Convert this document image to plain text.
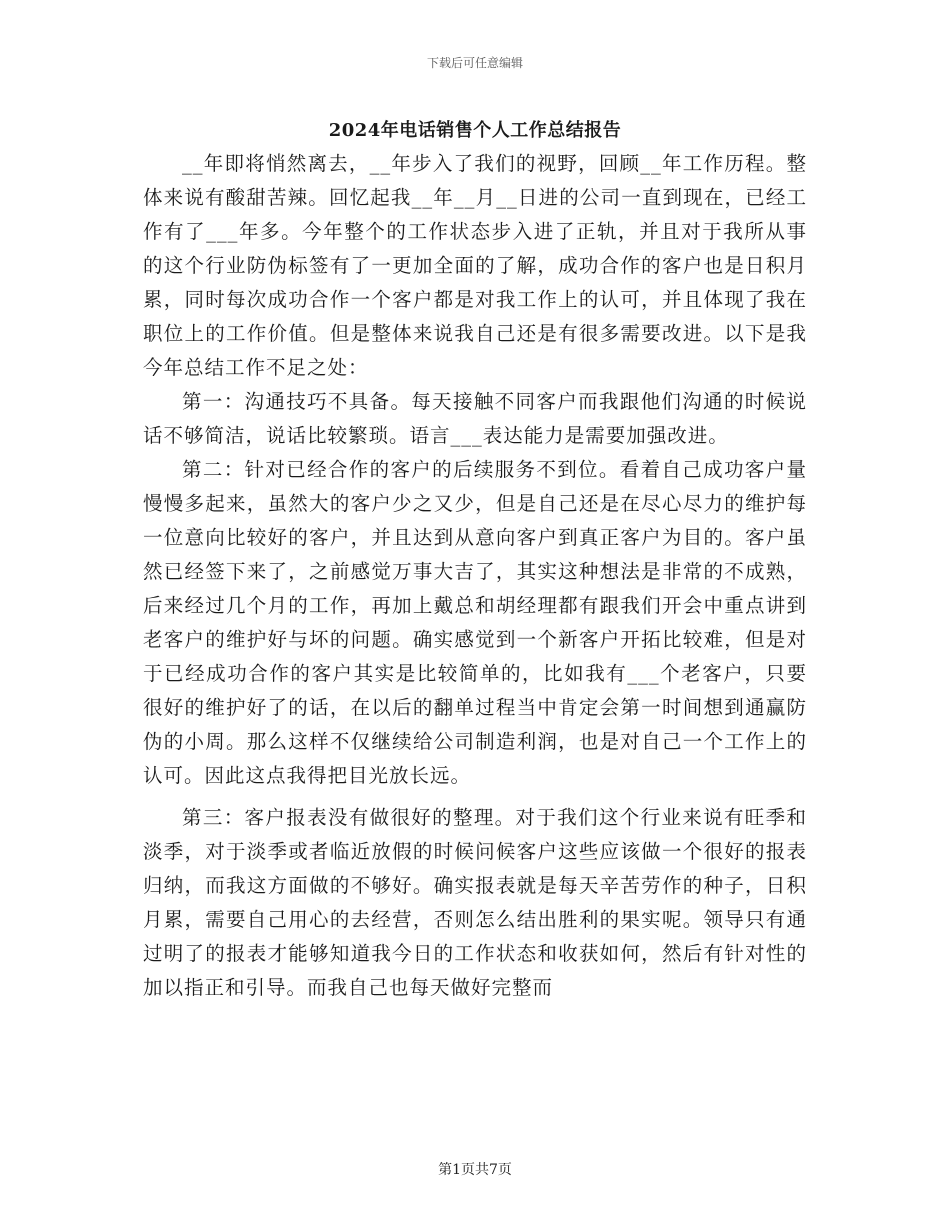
下载后可任意编辑
2024年电话销售个人工作总结报告

__年即将悄然离去，__年步入了我们的视野，回顾__年工作历程。整体来说有酸甜苦辣。回忆起我__年__月__日进的公司一直到现在，已经工作有了___年多。今年整个的工作状态步入进了正轨，并且对于我所从事的这个行业防伪标签有了一更加全面的了解，成功合作的客户也是日积月累，同时每次成功合作一个客户都是对我工作上的认可，并且体现了我在职位上的工作价值。但是整体来说我自己还是有很多需要改进。以下是我今年总结工作不足之处：

第一：沟通技巧不具备。每天接触不同客户而我跟他们沟通的时候说话不够简洁，说话比较繁琐。语言___表达能力是需要加强改进。

第二：针对已经合作的客户的后续服务不到位。看着自己成功客户量慢慢多起来，虽然大的客户少之又少，但是自己还是在尽心尽力的维护每一位意向比较好的客户，并且达到从意向客户到真正客户为目的。客户虽然已经签下来了，之前感觉万事大吉了，其实这种想法是非常的不成熟，后来经过几个月的工作，再加上戴总和胡经理都有跟我们开会中重点讲到老客户的维护好与坏的问题。确实感觉到一个新客户开拓比较难，但是对于已经成功合作的客户其实是比较简单的，比如我有___个老客户，只要很好的维护好了的话，在以后的翻单过程当中肯定会第一时间想到通赢防伪的小周。那么这样不仅继续给公司制造利润，也是对自己一个工作上的认可。因此这点我得把目光放长远。

第三：客户报表没有做很好的整理。对于我们这个行业来说有旺季和淡季，对于淡季或者临近放假的时候问候客户这些应该做一个很好的报表归纳，而我这方面做的不够好。确实报表就是每天辛苦劳作的种子，日积月累，需要自己用心的去经营，否则怎么结出胜利的果实呢。领导只有通过明了的报表才能够知道我今日的工作状态和收获如何，然后有针对性的加以指正和引导。而我自己也每天做好完整而

第1页共7页
